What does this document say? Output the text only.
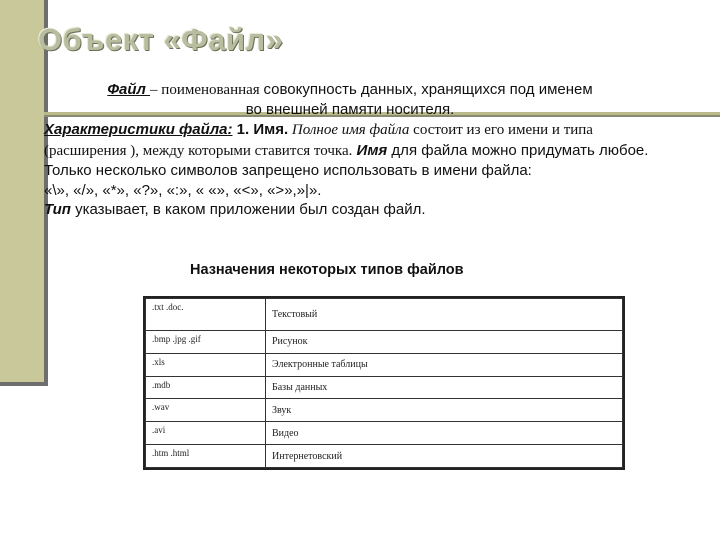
Объект «Файл»
Файл – поименованная совокупность данных, хранящихся под именем
во внешней памяти носителя.
Характеристики файла: 1. Имя. Полное имя файла состоит из его имени и типа (расширения ), между которыми ставится точка. Имя для файла можно придумать любое. Только несколько символов запрещено использовать в имени файла:
«\», «/», «*», «?», «:», « «», «<», «>»,»|».
Тип указывает, в каком приложении был создан файл.
Назначения некоторых типов файлов
.txt .doc.	Текстовый
.bmp .jpg .gif	Рисунок
.xls	Электронные таблицы
.mdb	Базы данных
.wav	Звук
.avi	Видео
.htm .html	Интернетовский
